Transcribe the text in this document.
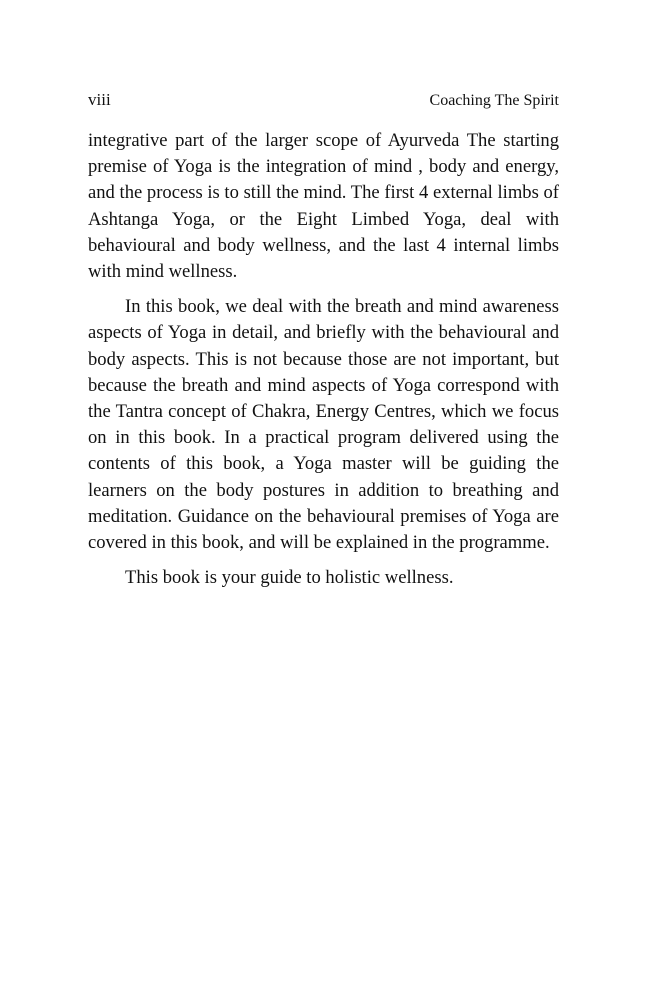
viii	Coaching The Spirit

integrative part of the larger scope of Ayurveda The starting premise of Yoga is the integration of mind , body and energy, and the process is to still the mind. The first 4 external limbs of Ashtanga Yoga, or the Eight Limbed Yoga, deal with behavioural and body wellness, and the last 4 internal limbs with mind wellness.

In this book, we deal with the breath and mind awareness aspects of Yoga in detail, and briefly with the behavioural and body aspects. This is not because those are not important, but because the breath and mind aspects of Yoga correspond with the Tantra concept of Chakra, Energy Centres, which we focus on in this book. In a practical program delivered using the contents of this book, a Yoga master will be guiding the learners on the body postures in addition to breathing and meditation. Guidance on the behavioural premises of Yoga are covered in this book, and will be explained in the programme.

This book is your guide to holistic wellness.
